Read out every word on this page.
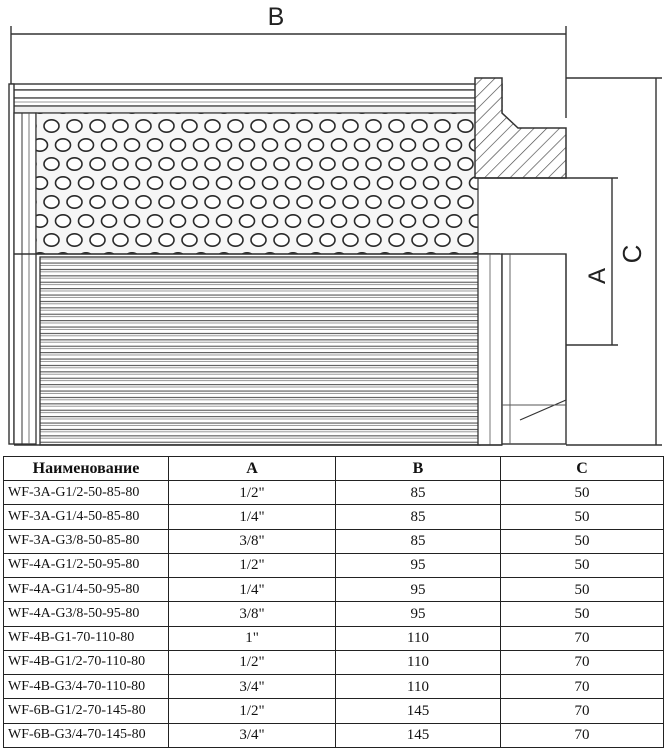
B
A
C
Наименование	A	B	C
WF-3A-G1/2-50-85-80	1/2"	85	50
WF-3A-G1/4-50-85-80	1/4"	85	50
WF-3A-G3/8-50-85-80	3/8"	85	50
WF-4A-G1/2-50-95-80	1/2"	95	50
WF-4A-G1/4-50-95-80	1/4"	95	50
WF-4A-G3/8-50-95-80	3/8"	95	50
WF-4B-G1-70-110-80	1"	110	70
WF-4B-G1/2-70-110-80	1/2"	110	70
WF-4B-G3/4-70-110-80	3/4"	110	70
WF-6B-G1/2-70-145-80	1/2"	145	70
WF-6B-G3/4-70-145-80	3/4"	145	70
